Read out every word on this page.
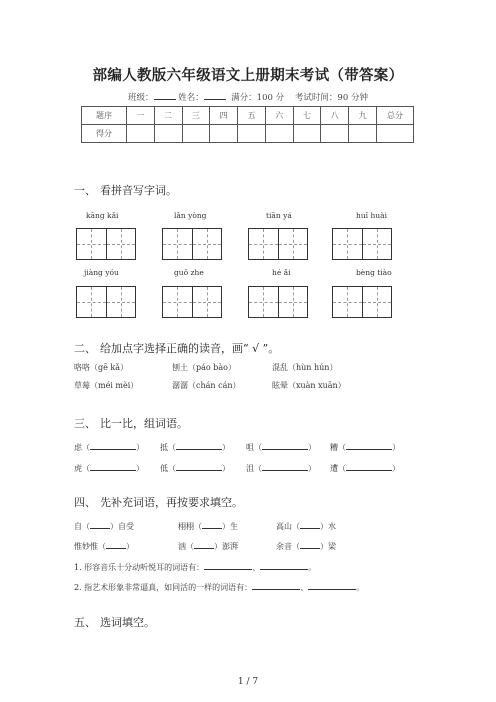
部编人教版六年级语文上册期末考试（带答案）
班级：	姓名：	满分：100 分 考试时间：90 分钟
题序	一	二	三	四	五	六	七	八	九	总分
得分										
一、 看拼音写字词。
kāng kǎi	lǎn yòng	tiān yá	huǐ huài
jiàng yóu	guǒ zhe	hé ǎi	bèng tiào
二、 给加点字选择正确的读音，画“ √ ”。
咯咯（gē kǎ）	刨土（páo bào）	混乱（hùn hún）
草莓（méi mèi）	潺潺（chán cán）	眩晕（xuàn xuān）
三、 比一比，组词语。
虑（	） 抵（	） 咀（	） 糟（	）
虎（	） 低（	） 沮（	） 遭（	）
四、 先补充词语，再按要求填空。
自（	）自受	栩栩（	）生	高山（	）水
惟妙惟（	）	汹（	）澎湃	余音（	）梁
1. 形容音乐十分动听悦耳的词语有：	、	。
2. 指艺术形象非常逼真，如同活的一样的词语有：	、	。
五、 选词填空。
1 / 7
